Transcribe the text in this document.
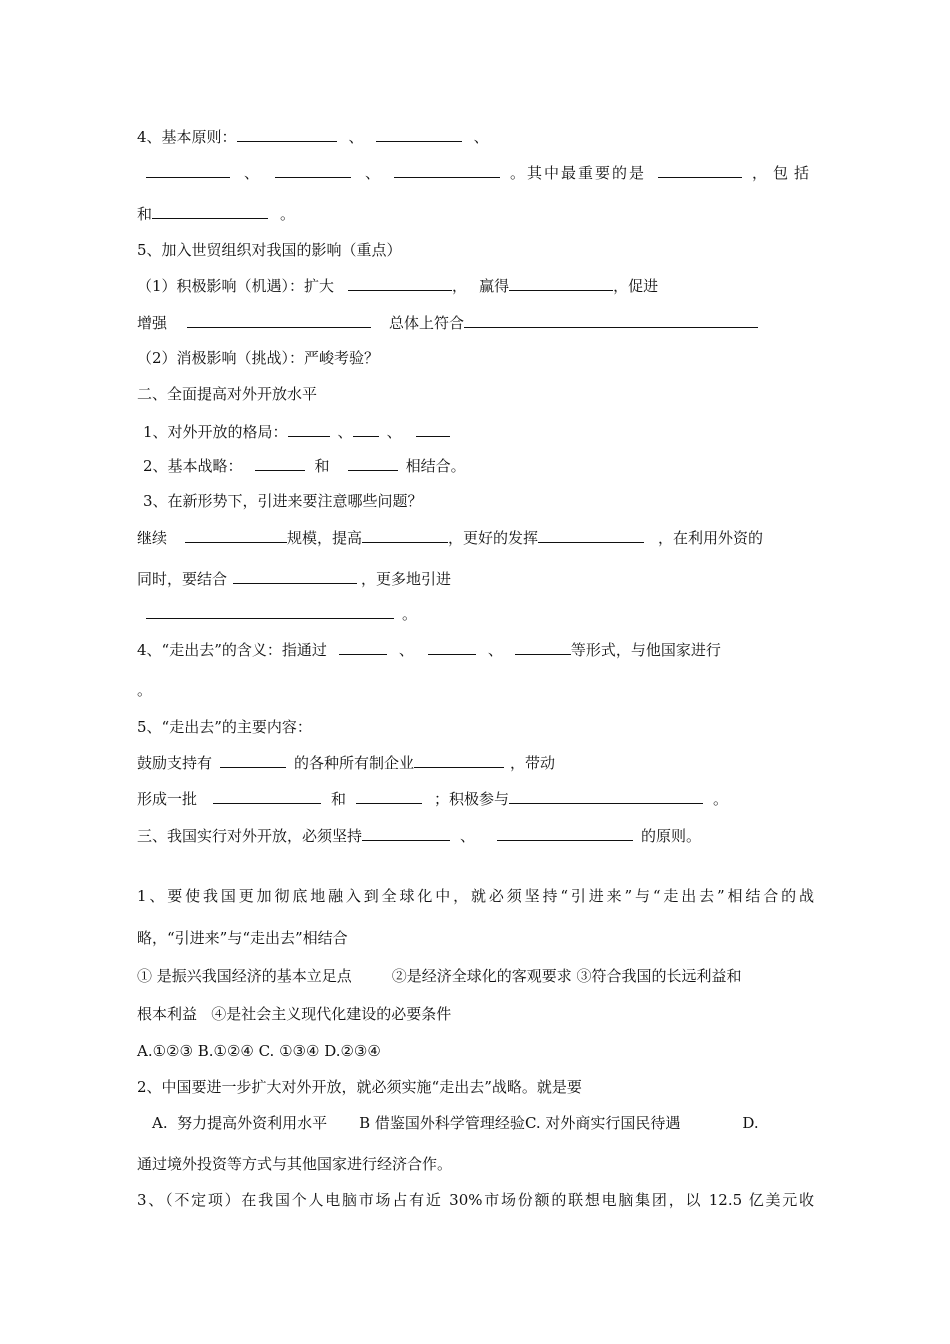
4、基本原则：	、	、
、	、	。其中最重要的是	，包括
和	。
5、加入世贸组织对我国的影响（重点）
（1）积极影响（机遇）：扩大	， 赢得	，促进
增强	总体上符合
（2）消极影响（挑战）：严峻考验？
二、全面提高对外开放水平
1、对外开放的格局：	、 、
2、基本战略：	和	相结合。
3、在新形势下，引进来要注意哪些问题？
继续	规模，提高	，更好的发挥	，在利用外资的
同时，要结合	，更多地引进
。
4、“走出去”的含义：指通过	、	、	等形式，与他国家进行
。
5、“走出去”的主要内容：
鼓励支持有	的各种所有制企业	，带动
形成一批	和	；积极参与	。
三、我国实行对外开放，必须坚持	、	的原则。
1、要使我国更加彻底地融入到全球化中，就必须坚持“引进来”与“走出去”相结合的战
略，“引进来”与“走出去”相结合
① 是振兴我国经济的基本立足点	②是经济全球化的客观要求 ③符合我国的长远利益和
根本利益   ④是社会主义现代化建设的必要条件
A.①②③ B.①②④ C. ①③④ D.②③④
2、中国要进一步扩大对外开放，就必须实施“走出去”战略。就是要
A.  努力提高外资利用水平 B 借鉴国外科学管理经验C. 对外商实行国民待遇	D.
通过境外投资等方式与其他国家进行经济合作。
3、（不定项）在我国个人电脑市场占有近 30%市场份额的联想电脑集团，以 12.5 亿美元收
